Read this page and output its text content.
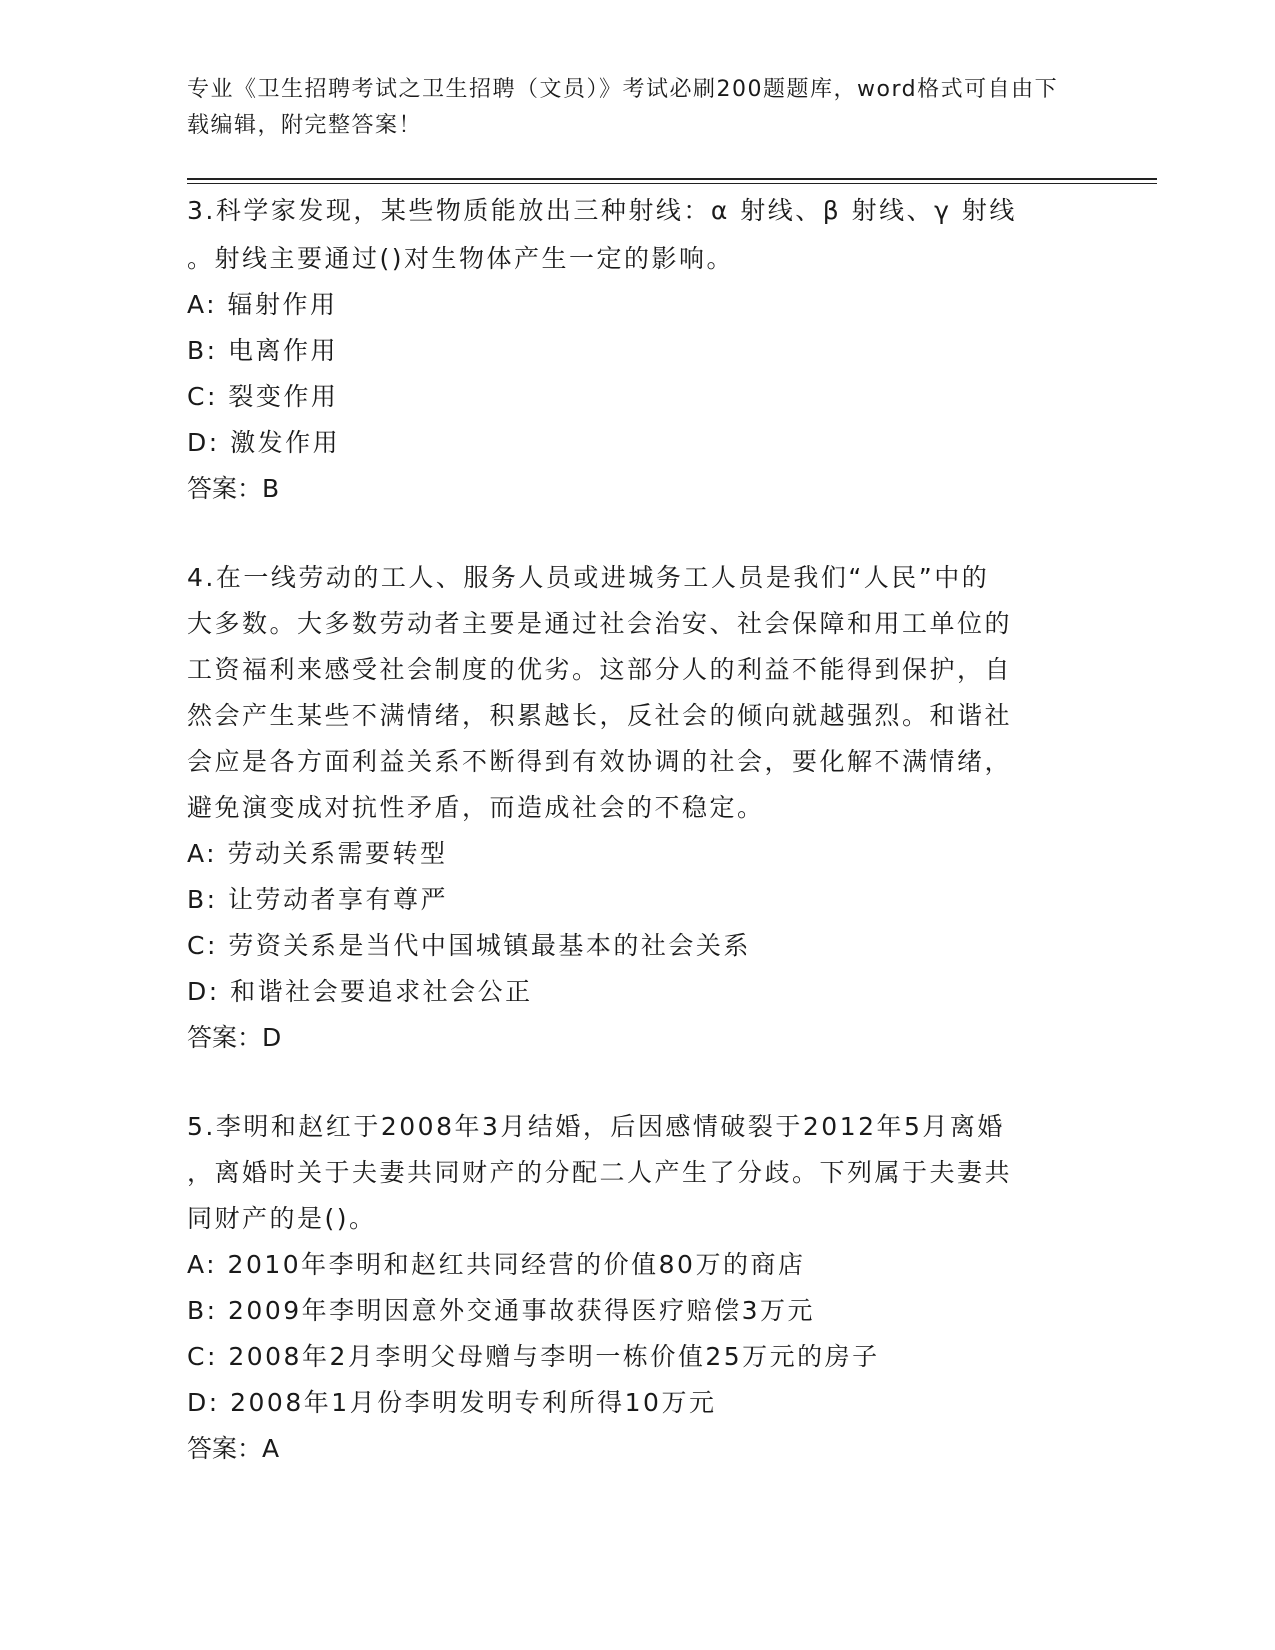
专业《卫生招聘考试之卫生招聘（文员）》考试必刷200题题库，word格式可自由下载编辑，附完整答案！

3.科学家发现，某些物质能放出三种射线：α 射线、β 射线、γ 射线

。射线主要通过()对生物体产生一定的影响。

A: 辐射作用

B: 电离作用

C: 裂变作用

D: 激发作用

答案：B

4.在一线劳动的工人、服务人员或进城务工人员是我们“人民”中的

大多数。大多数劳动者主要是通过社会治安、社会保障和用工单位的

工资福利来感受社会制度的优劣。这部分人的利益不能得到保护，自

然会产生某些不满情绪，积累越长，反社会的倾向就越强烈。和谐社

会应是各方面利益关系不断得到有效协调的社会，要化解不满情绪，

避免演变成对抗性矛盾，而造成社会的不稳定。

A: 劳动关系需要转型

B: 让劳动者享有尊严

C: 劳资关系是当代中国城镇最基本的社会关系

D: 和谐社会要追求社会公正

答案：D

5.李明和赵红于2008年3月结婚，后因感情破裂于2012年5月离婚

，离婚时关于夫妻共同财产的分配二人产生了分歧。下列属于夫妻共

同财产的是()。

A: 2010年李明和赵红共同经营的价值80万的商店

B: 2009年李明因意外交通事故获得医疗赔偿3万元

C: 2008年2月李明父母赠与李明一栋价值25万元的房子

D: 2008年1月份李明发明专利所得10万元

答案：A
